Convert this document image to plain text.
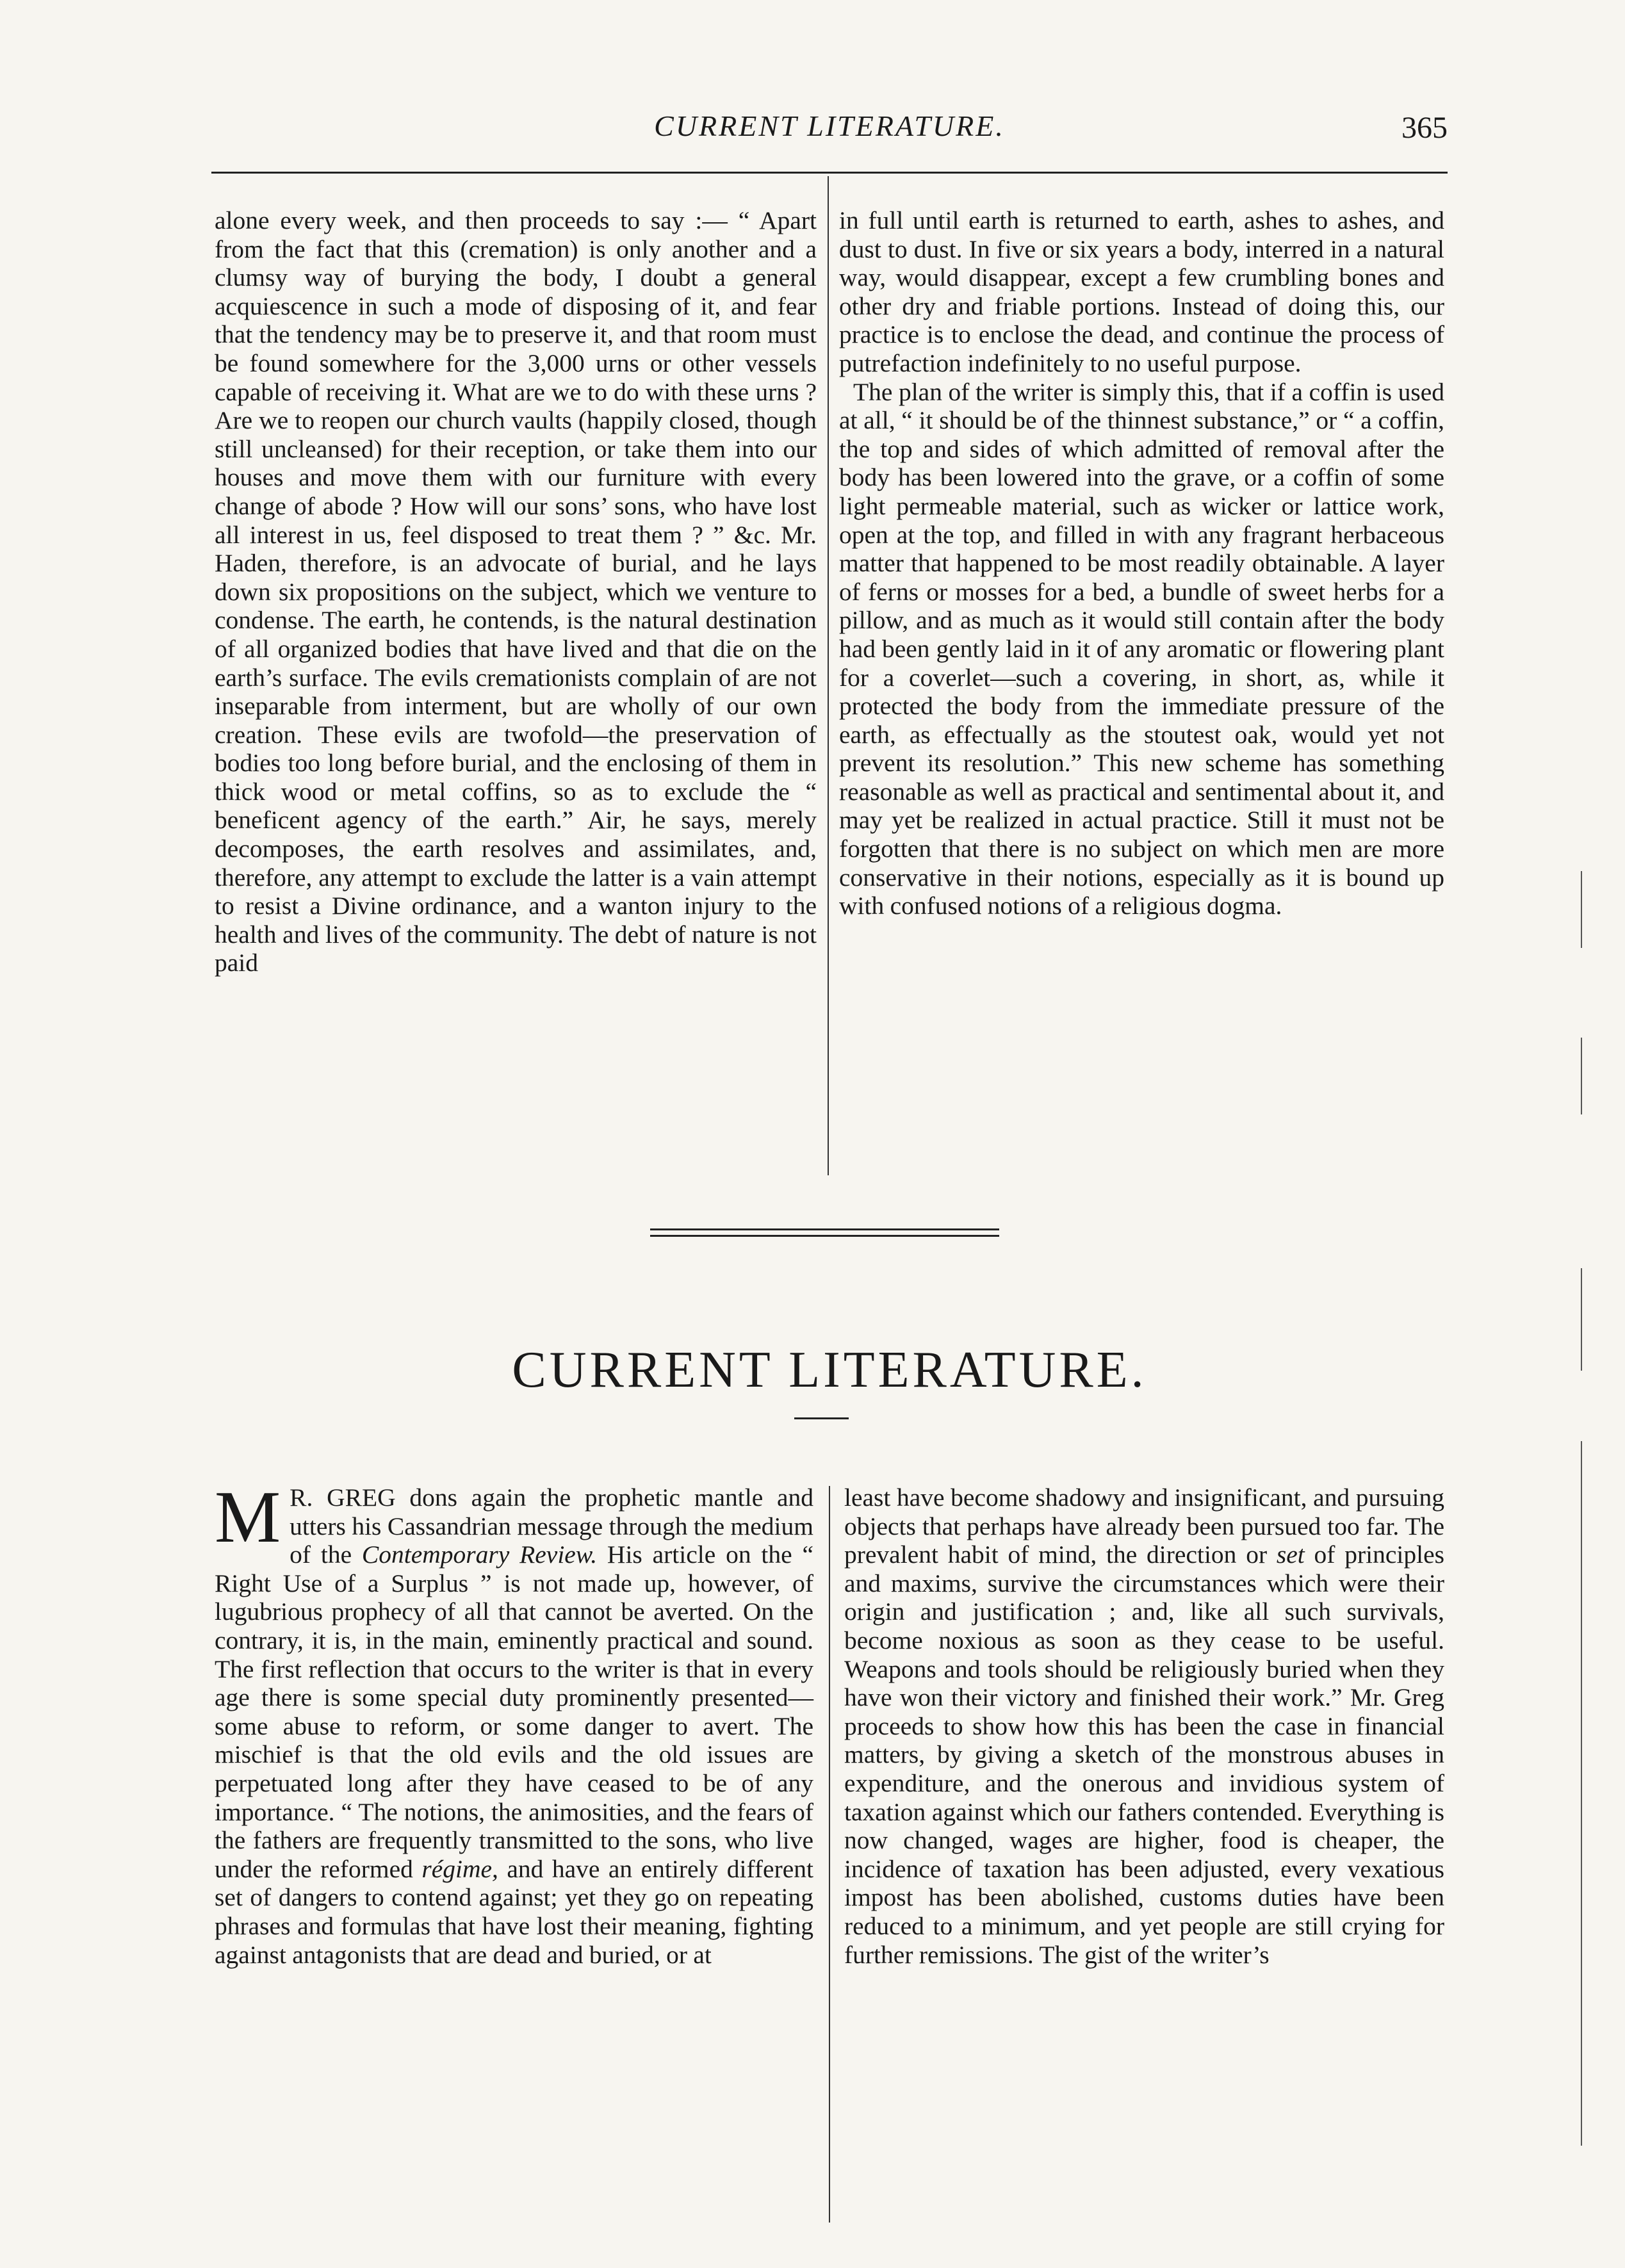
CURRENT LITERATURE.	365

alone every week, and then proceeds to say :— “ Apart from the fact that this (cremation) is only another and a clumsy way of burying the body, I doubt a general acquiescence in such a mode of disposing of it, and fear that the tendency may be to preserve it, and that room must be found somewhere for the 3,000 urns or other vessels capable of receiving it. What are we to do with these urns ? Are we to reopen our church vaults (happily closed, though still uncleansed) for their reception, or take them into our houses and move them with our furniture with every change of abode ? How will our sons’ sons, who have lost all interest in us, feel disposed to treat them ? ” &c. Mr. Haden, therefore, is an advocate of burial, and he lays down six propositions on the subject, which we venture to condense. The earth, he contends, is the natural destination of all organized bodies that have lived and that die on the earth’s surface. The evils cremationists complain of are not inseparable from interment, but are wholly of our own creation. These evils are twofold—the preservation of bodies too long before burial, and the enclosing of them in thick wood or metal coffins, so as to exclude the “ beneficent agency of the earth.” Air, he says, merely decomposes, the earth resolves and assimilates, and, therefore, any attempt to exclude the latter is a vain attempt to resist a Divine ordinance, and a wanton injury to the health and lives of the community. The debt of nature is not paid

in full until earth is returned to earth, ashes to ashes, and dust to dust. In five or six years a body, interred in a natural way, would disappear, except a few crumbling bones and other dry and friable portions. Instead of doing this, our practice is to enclose the dead, and continue the process of putrefaction indefinitely to no useful purpose.

The plan of the writer is simply this, that if a coffin is used at all, “ it should be of the thinnest substance,” or “ a coffin, the top and sides of which admitted of removal after the body has been lowered into the grave, or a coffin of some light permeable material, such as wicker or lattice work, open at the top, and filled in with any fragrant herbaceous matter that happened to be most readily obtainable. A layer of ferns or mosses for a bed, a bundle of sweet herbs for a pillow, and as much as it would still contain after the body had been gently laid in it of any aromatic or flowering plant for a coverlet—such a covering, in short, as, while it protected the body from the immediate pressure of the earth, as effectually as the stoutest oak, would yet not prevent its resolution.” This new scheme has something reasonable as well as practical and sentimental about it, and may yet be realized in actual practice. Still it must not be forgotten that there is no subject on which men are more conservative in their notions, especially as it is bound up with confused notions of a religious dogma.

CURRENT LITERATURE.

M R. GREG dons again the prophetic mantle and utters his Cassandrian message through the medium of the Contemporary Review. His article on the “ Right Use of a Surplus ” is not made up, however, of lugubrious prophecy of all that cannot be averted. On the contrary, it is, in the main, eminently practical and sound. The first reflection that occurs to the writer is that in every age there is some special duty prominently presented—some abuse to reform, or some danger to avert. The mischief is that the old evils and the old issues are perpetuated long after they have ceased to be of any importance. “ The notions, the animosities, and the fears of the fathers are frequently transmitted to the sons, who live under the reformed régime, and have an entirely different set of dangers to contend against; yet they go on repeating phrases and formulas that have lost their meaning, fighting against antagonists that are dead and buried, or at

least have become shadowy and insignificant, and pursuing objects that perhaps have already been pursued too far. The prevalent habit of mind, the direction or set of principles and maxims, survive the circumstances which were their origin and justification ; and, like all such survivals, become noxious as soon as they cease to be useful. Weapons and tools should be religiously buried when they have won their victory and finished their work.” Mr. Greg proceeds to show how this has been the case in financial matters, by giving a sketch of the monstrous abuses in expenditure, and the onerous and invidious system of taxation against which our fathers contended. Everything is now changed, wages are higher, food is cheaper, the incidence of taxation has been adjusted, every vexatious impost has been abolished, customs duties have been reduced to a minimum, and yet people are still crying for further remissions. The gist of the writer’s
